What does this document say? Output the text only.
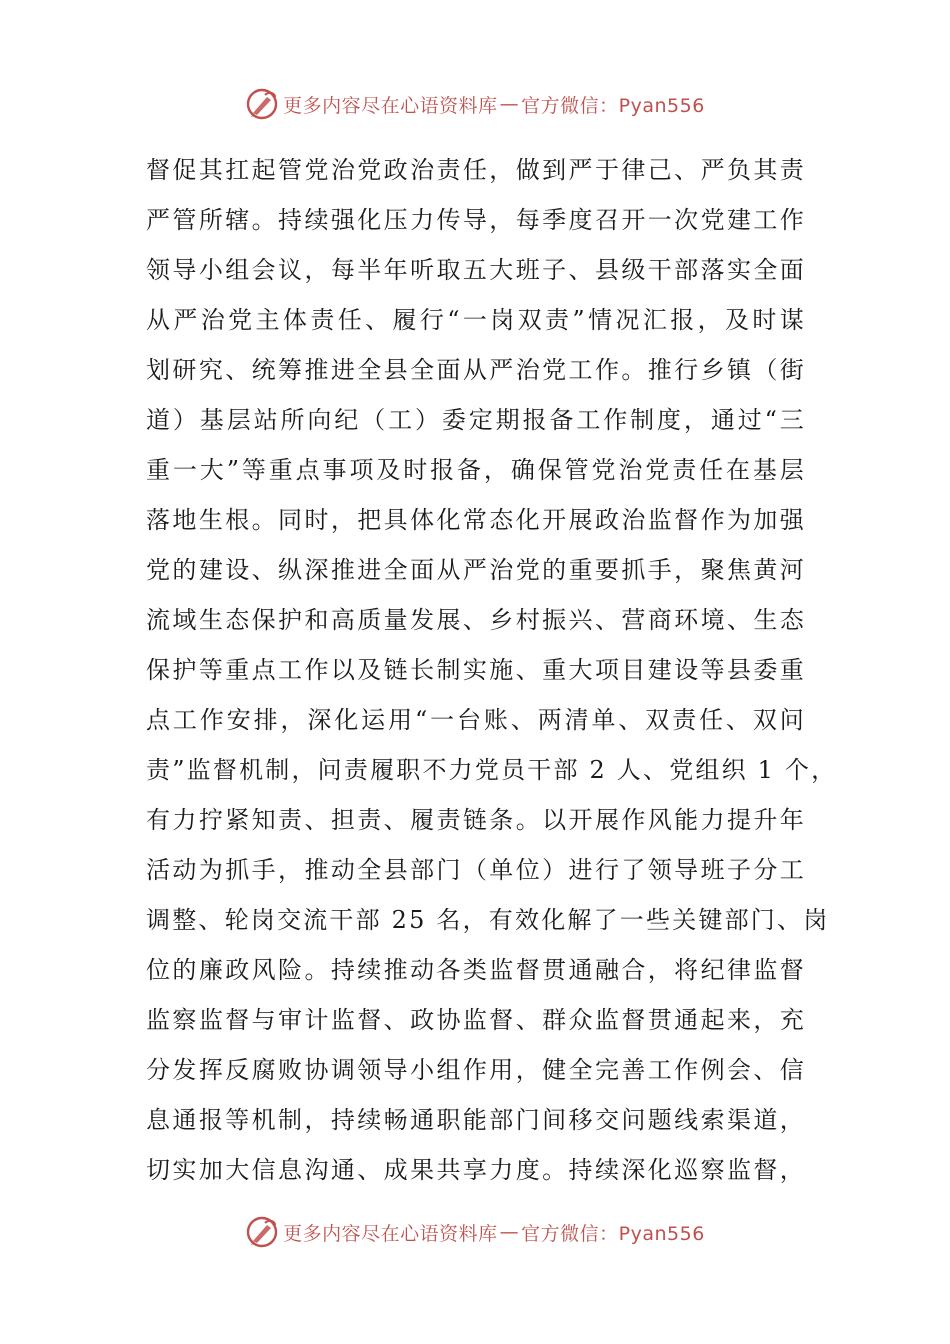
更多内容尽在心语资料库 — 官方微信：Pyan556
督促其扛起管党治党政治责任，做到严于律己、严负其责
严管所辖。持续强化压力传导，每季度召开一次党建工作
领导小组会议，每半年听取五大班子、县级干部落实全面
从严治党主体责任、履行“一岗双责”情况汇报，及时谋
划研究、统筹推进全县全面从严治党工作。推行乡镇（街
道）基层站所向纪（工）委定期报备工作制度，通过“三
重一大”等重点事项及时报备，确保管党治党责任在基层
落地生根。同时，把具体化常态化开展政治监督作为加强
党的建设、纵深推进全面从严治党的重要抓手，聚焦黄河
流域生态保护和高质量发展、乡村振兴、营商环境、生态
保护等重点工作以及链长制实施、重大项目建设等县委重
点工作安排，深化运用“一台账、两清单、双责任、双问
责”监督机制，问责履职不力党员干部 2 人、党组织 1 个，
有力拧紧知责、担责、履责链条。以开展作风能力提升年
活动为抓手，推动全县部门（单位）进行了领导班子分工
调整、轮岗交流干部 25 名，有效化解了一些关键部门、岗
位的廉政风险。持续推动各类监督贯通融合，将纪律监督
监察监督与审计监督、政协监督、群众监督贯通起来，充
分发挥反腐败协调领导小组作用，健全完善工作例会、信
息通报等机制，持续畅通职能部门间移交问题线索渠道，
切实加大信息沟通、成果共享力度。持续深化巡察监督，
更多内容尽在心语资料库 — 官方微信：Pyan556
